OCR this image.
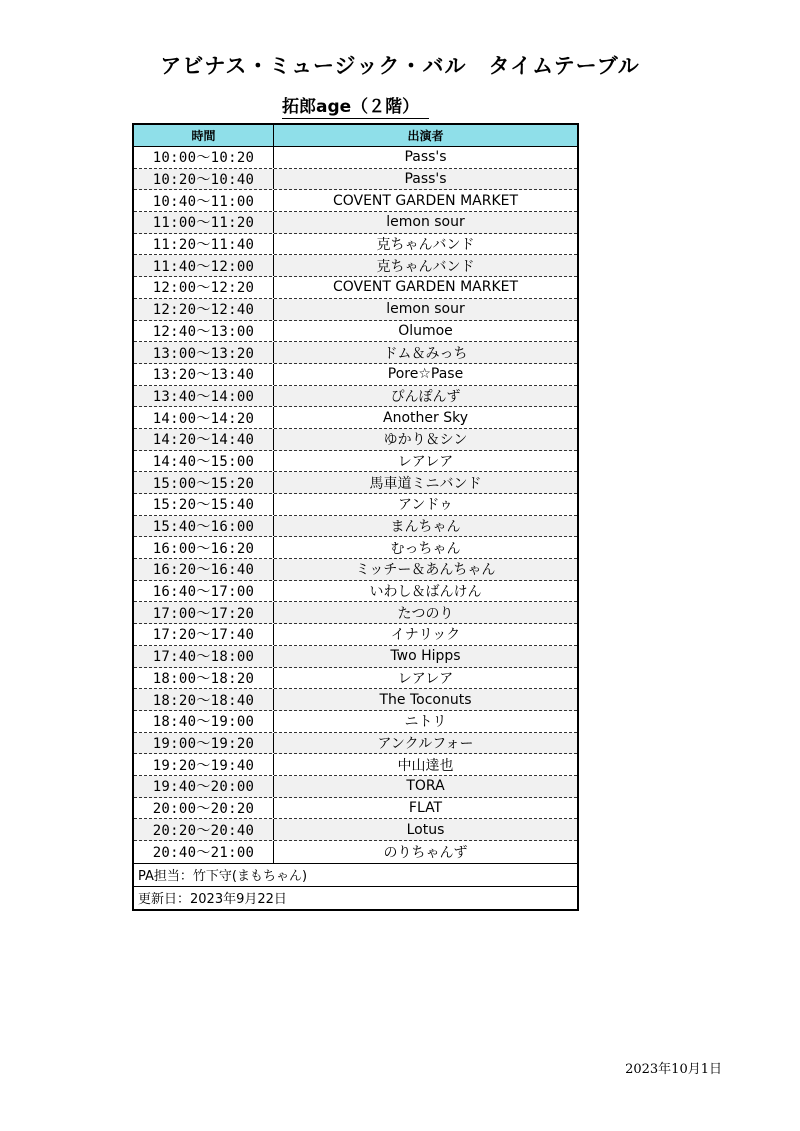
アビナス・ミュージック・バル　タイムテーブル
拓郎age（２階）
時間	出演者
10:00～10:20	Pass's
10:20～10:40	Pass's
10:40～11:00	COVENT GARDEN MARKET
11:00～11:20	lemon sour
11:20～11:40	克ちゃんバンド
11:40～12:00	克ちゃんバンド
12:00～12:20	COVENT GARDEN MARKET
12:20～12:40	lemon sour
12:40～13:00	Olumoe
13:00～13:20	ドム＆みっち
13:20～13:40	Pore☆Pase
13:40～14:00	ぴんぽんず
14:00～14:20	Another Sky
14:20～14:40	ゆかり＆シン
14:40～15:00	レアレア
15:00～15:20	馬車道ミニバンド
15:20～15:40	アンドゥ
15:40～16:00	まんちゃん
16:00～16:20	むっちゃん
16:20～16:40	ミッチー＆あんちゃん
16:40～17:00	いわし＆ばんけん
17:00～17:20	たつのり
17:20～17:40	イナリック
17:40～18:00	Two Hipps
18:00～18:20	レアレア
18:20～18:40	The Toconuts
18:40～19:00	ニトリ
19:00～19:20	アンクルフォー
19:20～19:40	中山達也
19:40～20:00	TORA
20:00～20:20	FLAT
20:20～20:40	Lotus
20:40～21:00	のりちゃんず
PA担当：竹下守(まもちゃん)
更新日：2023年9月22日
2023年10月1日
